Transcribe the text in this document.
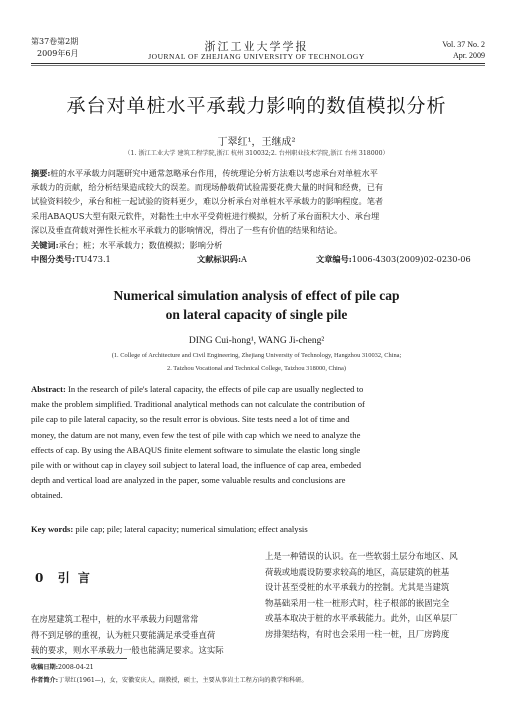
第37卷第2期
2009年6月
浙江工业大学学报
JOURNAL OF ZHEJIANG UNIVERSITY OF TECHNOLOGY
Vol. 37 No. 2
Apr. 2009
承台对单桩水平承载力影响的数值模拟分析
丁翠红¹，王继成²
（1. 浙江工业大学 建筑工程学院,浙江 杭州 310032;2. 台州职业技术学院,浙江 台州 318000）
摘要:桩的水平承载力问题研究中通常忽略承台作用，传统理论分析方法难以考虑承台对单桩水平
承载力的贡献，给分析结果造成较大的误差。而现场静载荷试验需要花费大量的时间和经费，已有
试验资料较少，承台和桩一起试验的资料更少，难以分析承台对单桩水平承载力的影响程度。笔者
采用ABAQUS大型有限元软件，对黏性土中水平受荷桩进行模拟，分析了承台面积大小、承台埋
深以及垂直荷载对弹性长桩水平承载力的影响情况，得出了一些有价值的结果和结论。
关键词:承台；桩；水平承载力；数值模拟；影响分析
中图分类号:TU473.1	文献标识码:A	文章编号:1006-4303(2009)02-0230-06
Numerical simulation analysis of effect of pile cap
on lateral capacity of single pile
DING Cui-hong¹, WANG Ji-cheng²
(1. College of Architecture and Civil Engineering, Zhejiang University of Technology, Hangzhou 310032, China;
2. Taizhou Vocational and Technical College, Taizhou 318000, China)
Abstract: In the research of pile's lateral capacity, the effects of pile cap are usually neglected to
make the problem simplified. Traditional analytical methods can not calculate the contribution of
pile cap to pile lateral capacity, so the result error is obvious. Site tests need a lot of time and
money, the datum are not many, even few the test of pile with cap which we need to analyze the
effects of cap. By using the ABAQUS finite element software to simulate the elastic long single
pile with or without cap in clayey soil subject to lateral load, the influence of cap area, embeded
depth and vertical load are analyzed in the paper, some valuable results and conclusions are
obtained.
Key words: pile cap; pile; lateral capacity; numerical simulation; effect analysis
0 引 言
在房屋建筑工程中，桩的水平承载力问题常常
得不到足够的重视，认为桩只要能满足承受垂直荷
载的要求，则水平承载力一般也能满足要求。这实际
上是一种错误的认识。在一些软弱土层分布地区、风
荷载或地震设防要求较高的地区，高层建筑的桩基
设计甚至受桩的水平承载力的控制。尤其是当建筑
物基础采用一柱一桩形式时，柱子根部的嵌固完全
或基本取决于桩的水平承载能力。此外，山区单层厂
房排架结构，有时也会采用一柱一桩，且厂房跨度
收稿日期:2008-04-21
作者简介:丁翠红(1961—)，女，安徽安庆人，副教授，硕士，主要从事岩土工程方向的教学和科研。
